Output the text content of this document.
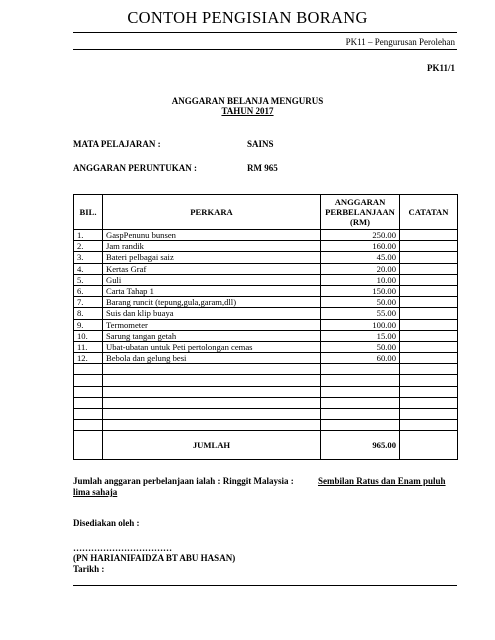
CONTOH PENGISIAN BORANG
PK11 – Pengurusan Perolehan
PK11/1
ANGGARAN BELANJA MENGURUS
TAHUN 2017
MATA PELAJARAN :	SAINS
ANGGARAN PERUNTUKAN :	RM 965
BIL.	PERKARA	ANGGARAN PERBELANJAAN (RM)	CATATAN
1.	GaspPenunu bunsen	250.00	
2.	Jam randik	160.00	
3.	Bateri pelbagai saiz	45.00	
4.	Kertas Graf	20.00	
5.	Guli	10.00	
6.	Carta Tahap 1	150.00	
7.	Barang runcit (tepung,gula,garam,dll)	50.00	
8.	Suis dan klip buaya	55.00	
9.	Termometer	100.00	
10.	Sarung tangan getah	15.00	
11.	Ubat-ubatan untuk Peti pertolongan cemas	50.00	
12.	Bebola dan gelung besi	60.00	

	JUMLAH	965.00	
Jumlah anggaran perbelanjaan ialah : Ringgit Malaysia :	Sembilan Ratus dan Enam puluh
lima sahaja
Disediakan oleh :
……………………………
(PN HARIANIFAIDZA BT ABU HASAN)
Tarikh :
